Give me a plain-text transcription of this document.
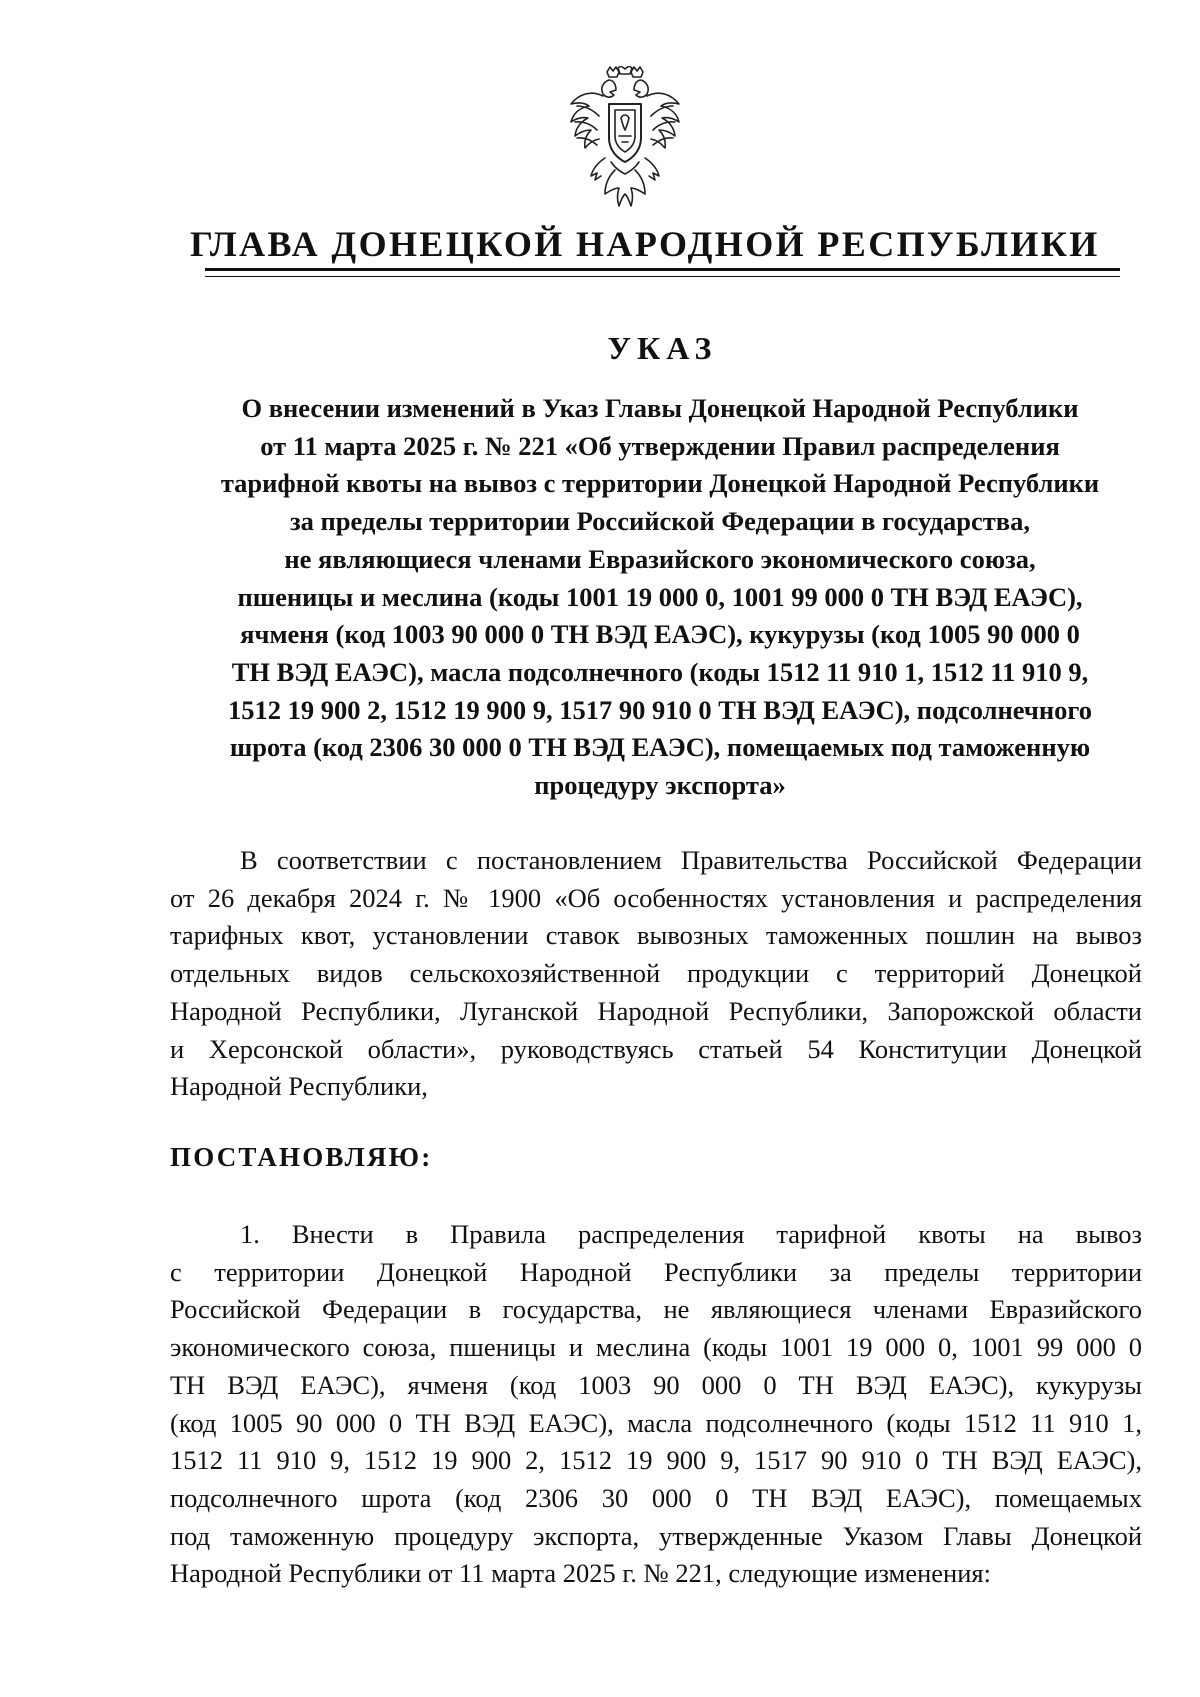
ГЛАВА ДОНЕЦКОЙ НАРОДНОЙ РЕСПУБЛИКИ
УКАЗ
О внесении изменений в Указ Главы Донецкой Народной Республики
от 11 марта 2025 г. № 221 «Об утверждении Правил распределения
тарифной квоты на вывоз с территории Донецкой Народной Республики
за пределы территории Российской Федерации в государства,
не являющиеся членами Евразийского экономического союза,
пшеницы и меслина (коды 1001 19 000 0, 1001 99 000 0 ТН ВЭД ЕАЭС),
ячменя (код 1003 90 000 0 ТН ВЭД ЕАЭС), кукурузы (код 1005 90 000 0
ТН ВЭД ЕАЭС), масла подсолнечного (коды 1512 11 910 1, 1512 11 910 9,
1512 19 900 2, 1512 19 900 9, 1517 90 910 0 ТН ВЭД ЕАЭС), подсолнечного
шрота (код 2306 30 000 0 ТН ВЭД ЕАЭС), помещаемых под таможенную
процедуру экспорта»
В соответствии с постановлением Правительства Российской Федерации
от 26 декабря 2024 г. № 1900 «Об особенностях установления и распределения
тарифных квот, установлении ставок вывозных таможенных пошлин на вывоз
отдельных видов сельскохозяйственной продукции с территорий Донецкой
Народной Республики, Луганской Народной Республики, Запорожской области
и Херсонской области», руководствуясь статьей 54 Конституции Донецкой
Народной Республики,
ПОСТАНОВЛЯЮ:
1. Внести в Правила распределения тарифной квоты на вывоз
с территории Донецкой Народной Республики за пределы территории
Российской Федерации в государства, не являющиеся членами Евразийского
экономического союза, пшеницы и меслина (коды 1001 19 000 0, 1001 99 000 0
ТН ВЭД ЕАЭС), ячменя (код 1003 90 000 0 ТН ВЭД ЕАЭС), кукурузы
(код 1005 90 000 0 ТН ВЭД ЕАЭС), масла подсолнечного (коды 1512 11 910 1,
1512 11 910 9, 1512 19 900 2, 1512 19 900 9, 1517 90 910 0 ТН ВЭД ЕАЭС),
подсолнечного шрота (код 2306 30 000 0 ТН ВЭД ЕАЭС), помещаемых
под таможенную процедуру экспорта, утвержденные Указом Главы Донецкой
Народной Республики от 11 марта 2025 г. № 221, следующие изменения:
